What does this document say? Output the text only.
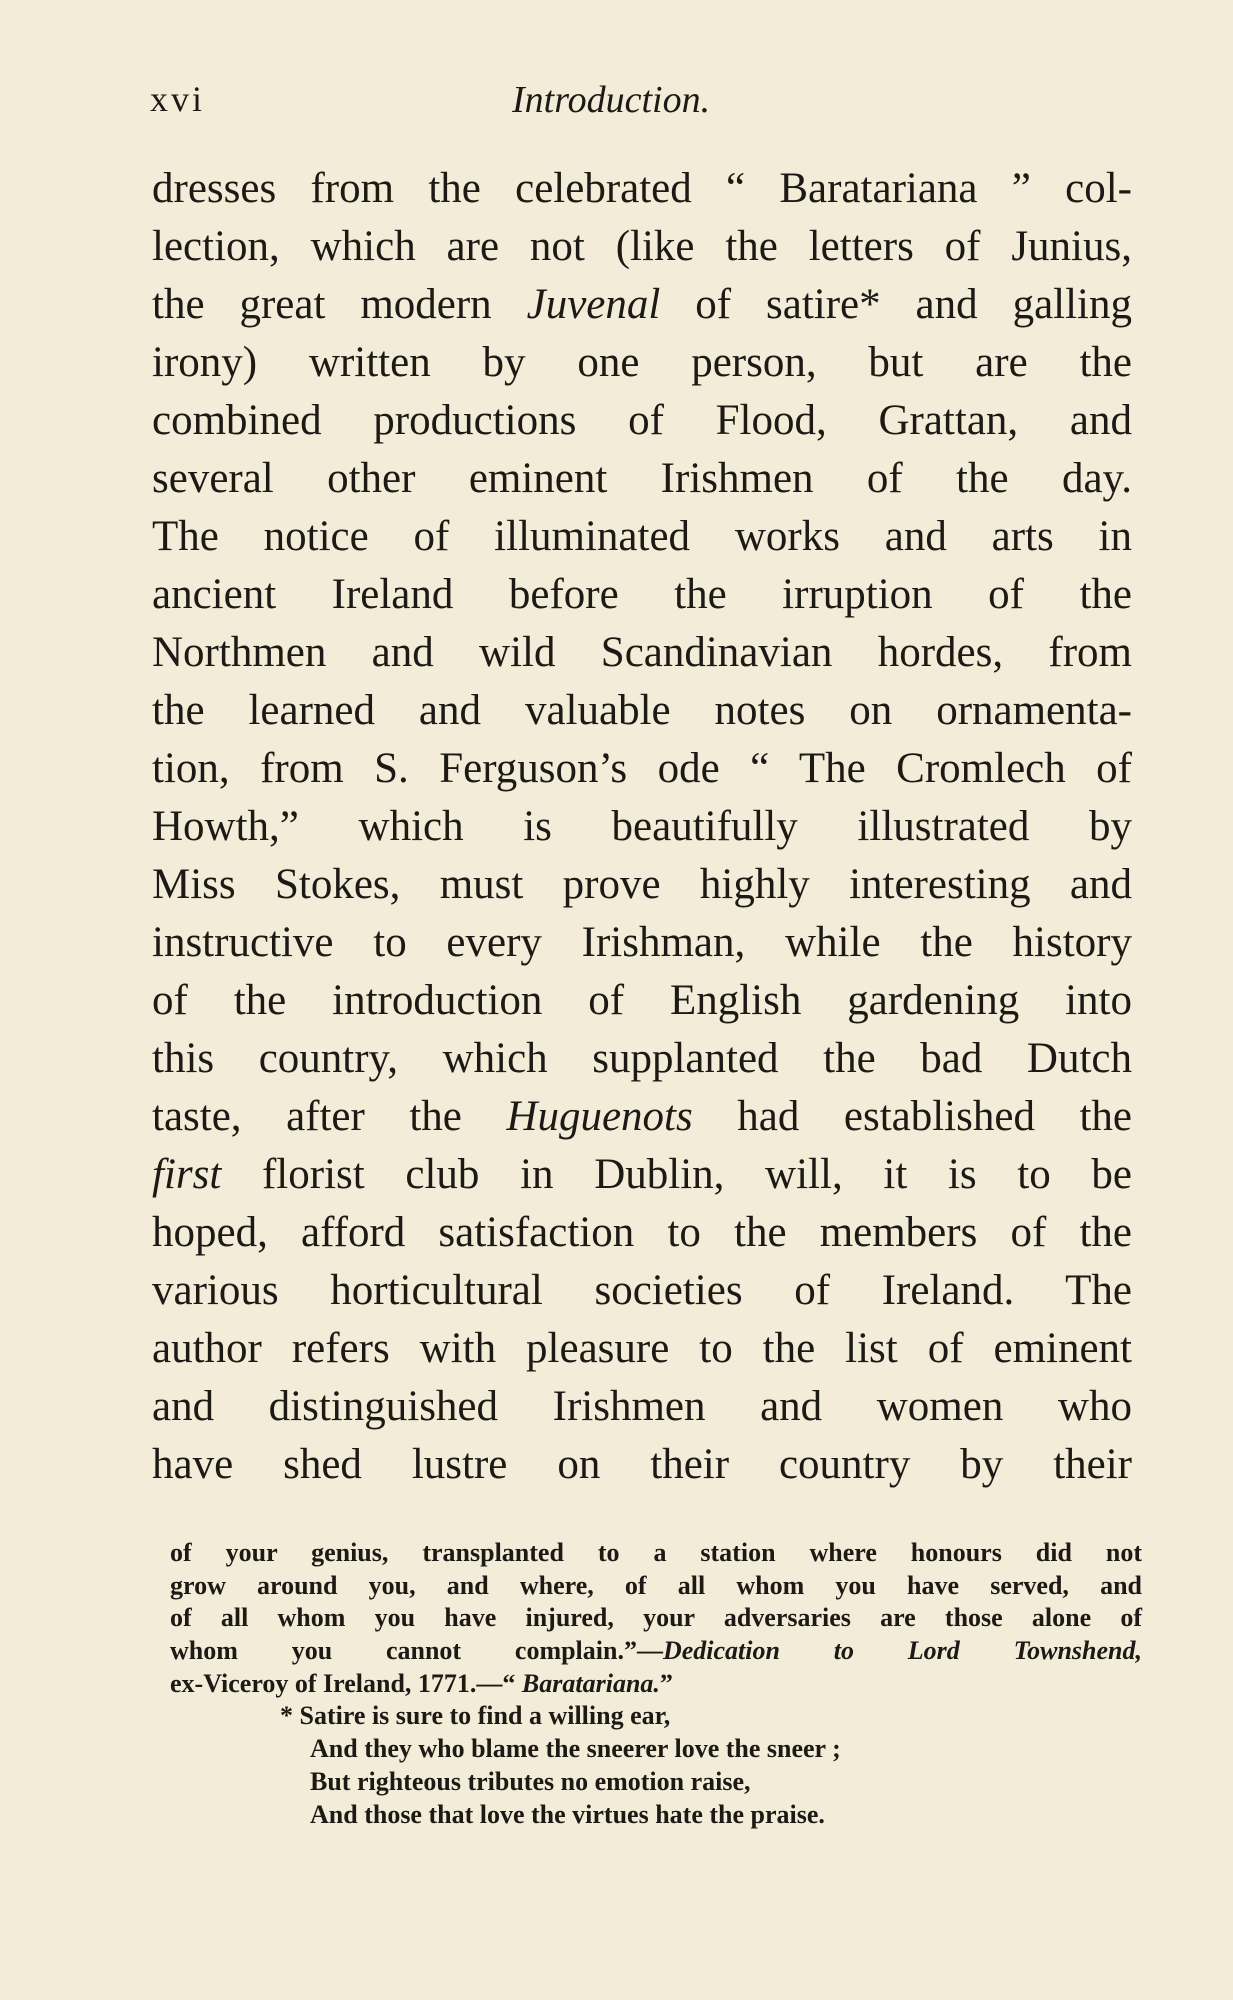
xvi	Introduction.
dresses from the celebrated “ Baratariana ” col-
lection, which are not (like the letters of Junius,
the great modern Juvenal of satire* and galling
irony) written by one person, but are the
combined productions of Flood, Grattan, and
several other eminent Irishmen of the day.
The notice of illuminated works and arts in
ancient Ireland before the irruption of the
Northmen and wild Scandinavian hordes, from
the learned and valuable notes on ornamenta-
tion, from S. Ferguson’s ode “ The Cromlech of
Howth,” which is beautifully illustrated by
Miss Stokes, must prove highly interesting and
instructive to every Irishman, while the history
of the introduction of English gardening into
this country, which supplanted the bad Dutch
taste, after the Huguenots had established the
first florist club in Dublin, will, it is to be
hoped, afford satisfaction to the members of the
various horticultural societies of Ireland. The
author refers with pleasure to the list of eminent
and distinguished Irishmen and women who
have shed lustre on their country by their
of your genius, transplanted to a station where honours did not
grow around you, and where, of all whom you have served, and
of all whom you have injured, your adversaries are those alone of
whom you cannot complain.”—Dedication to Lord Townshend,
ex-Viceroy of Ireland, 1771.—“ Baratariana.”
* Satire is sure to find a willing ear,
And they who blame the sneerer love the sneer ;
But righteous tributes no emotion raise,
And those that love the virtues hate the praise.
